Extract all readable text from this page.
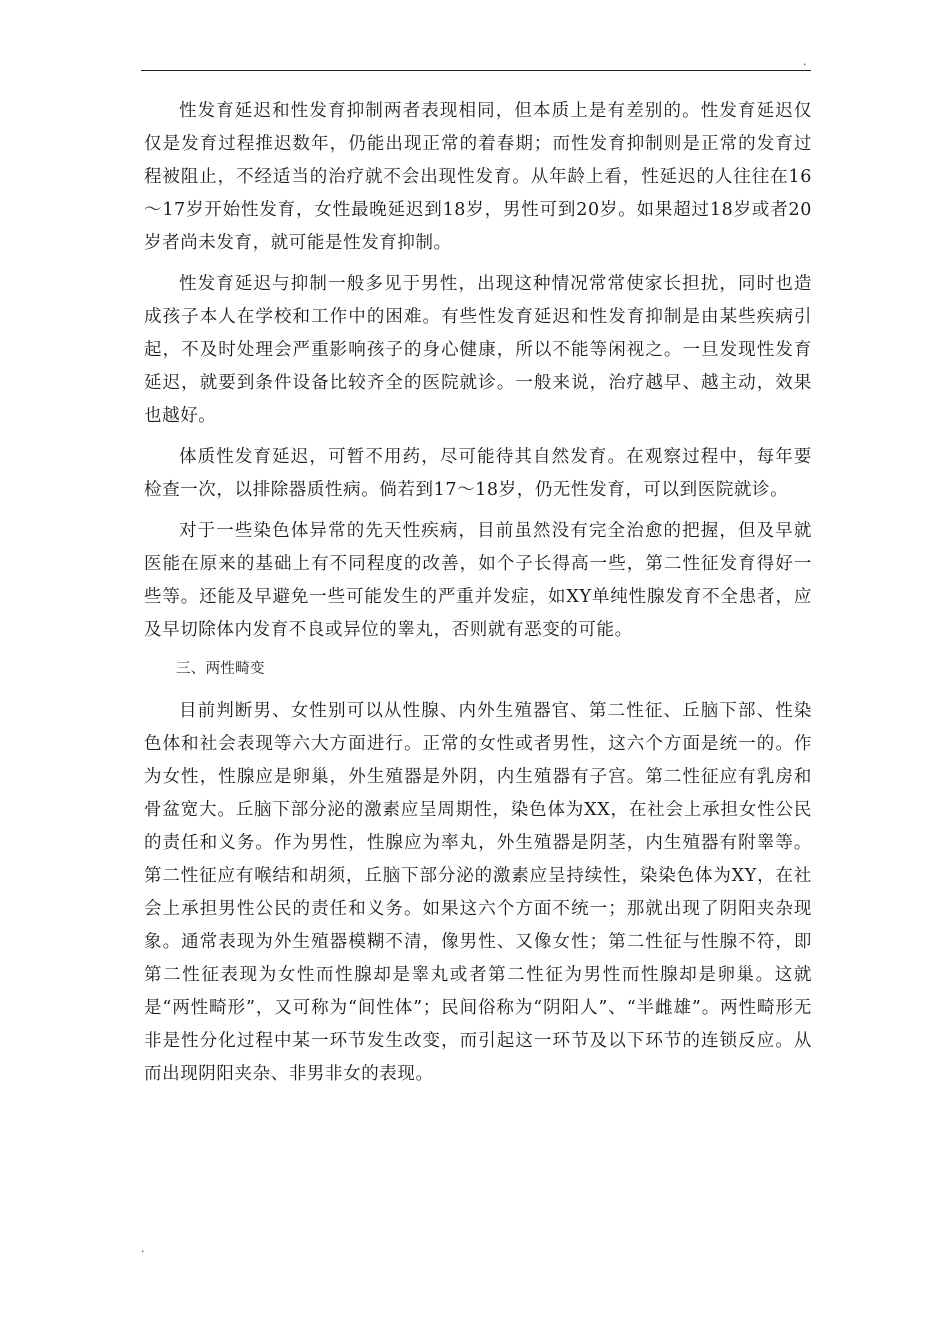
.

性发育延迟和性发育抑制两者表现相同，但本质上是有差别的。性发育延迟仅仅是发育过程推迟数年，仍能出现正常的着春期；而性发育抑制则是正常的发育过程被阻止，不经适当的治疗就不会出现性发育。从年龄上看，性延迟的人往往在16～17岁开始性发育，女性最晚延迟到18岁，男性可到20岁。如果超过18岁或者20岁者尚未发育，就可能是性发育抑制。

性发育延迟与抑制一般多见于男性，出现这种情况常常使家长担扰，同时也造成孩子本人在学校和工作中的困难。有些性发育延迟和性发育抑制是由某些疾病引起，不及时处理会严重影响孩子的身心健康，所以不能等闲视之。一旦发现性发育延迟，就要到条件设备比较齐全的医院就诊。一般来说，治疗越早、越主动，效果也越好。

体质性发育延迟，可暂不用药，尽可能待其自然发育。在观察过程中，每年要检查一次，以排除器质性病。倘若到17～18岁，仍无性发育，可以到医院就诊。

对于一些染色体异常的先天性疾病，目前虽然没有完全治愈的把握，但及早就医能在原来的基础上有不同程度的改善，如个子长得高一些，第二性征发育得好一些等。还能及早避免一些可能发生的严重并发症，如XY单纯性腺发育不全患者，应及早切除体内发育不良或异位的睾丸，否则就有恶变的可能。

三、两性畸变

目前判断男、女性别可以从性腺、内外生殖器官、第二性征、丘脑下部、性染色体和社会表现等六大方面进行。正常的女性或者男性，这六个方面是统一的。作为女性，性腺应是卵巢，外生殖器是外阴，内生殖器有子宫。第二性征应有乳房和骨盆宽大。丘脑下部分泌的激素应呈周期性，染色体为XX，在社会上承担女性公民的责任和义务。作为男性，性腺应为率丸，外生殖器是阴茎，内生殖器有附睾等。第二性征应有喉结和胡须，丘脑下部分泌的激素应呈持续性，染染色体为XY，在社会上承担男性公民的责任和义务。如果这六个方面不统一；那就出现了阴阳夹杂现象。通常表现为外生殖器模糊不清，像男性、又像女性；第二性征与性腺不符，即第二性征表现为女性而性腺却是睾丸或者第二性征为男性而性腺却是卵巢。这就是“两性畸形”，又可称为“间性体”；民间俗称为“阴阳人”、“半雌雄”。两性畸形无非是性分化过程中某一环节发生改变，而引起这一环节及以下环节的连锁反应。从而出现阴阳夹杂、非男非女的表现。

.
